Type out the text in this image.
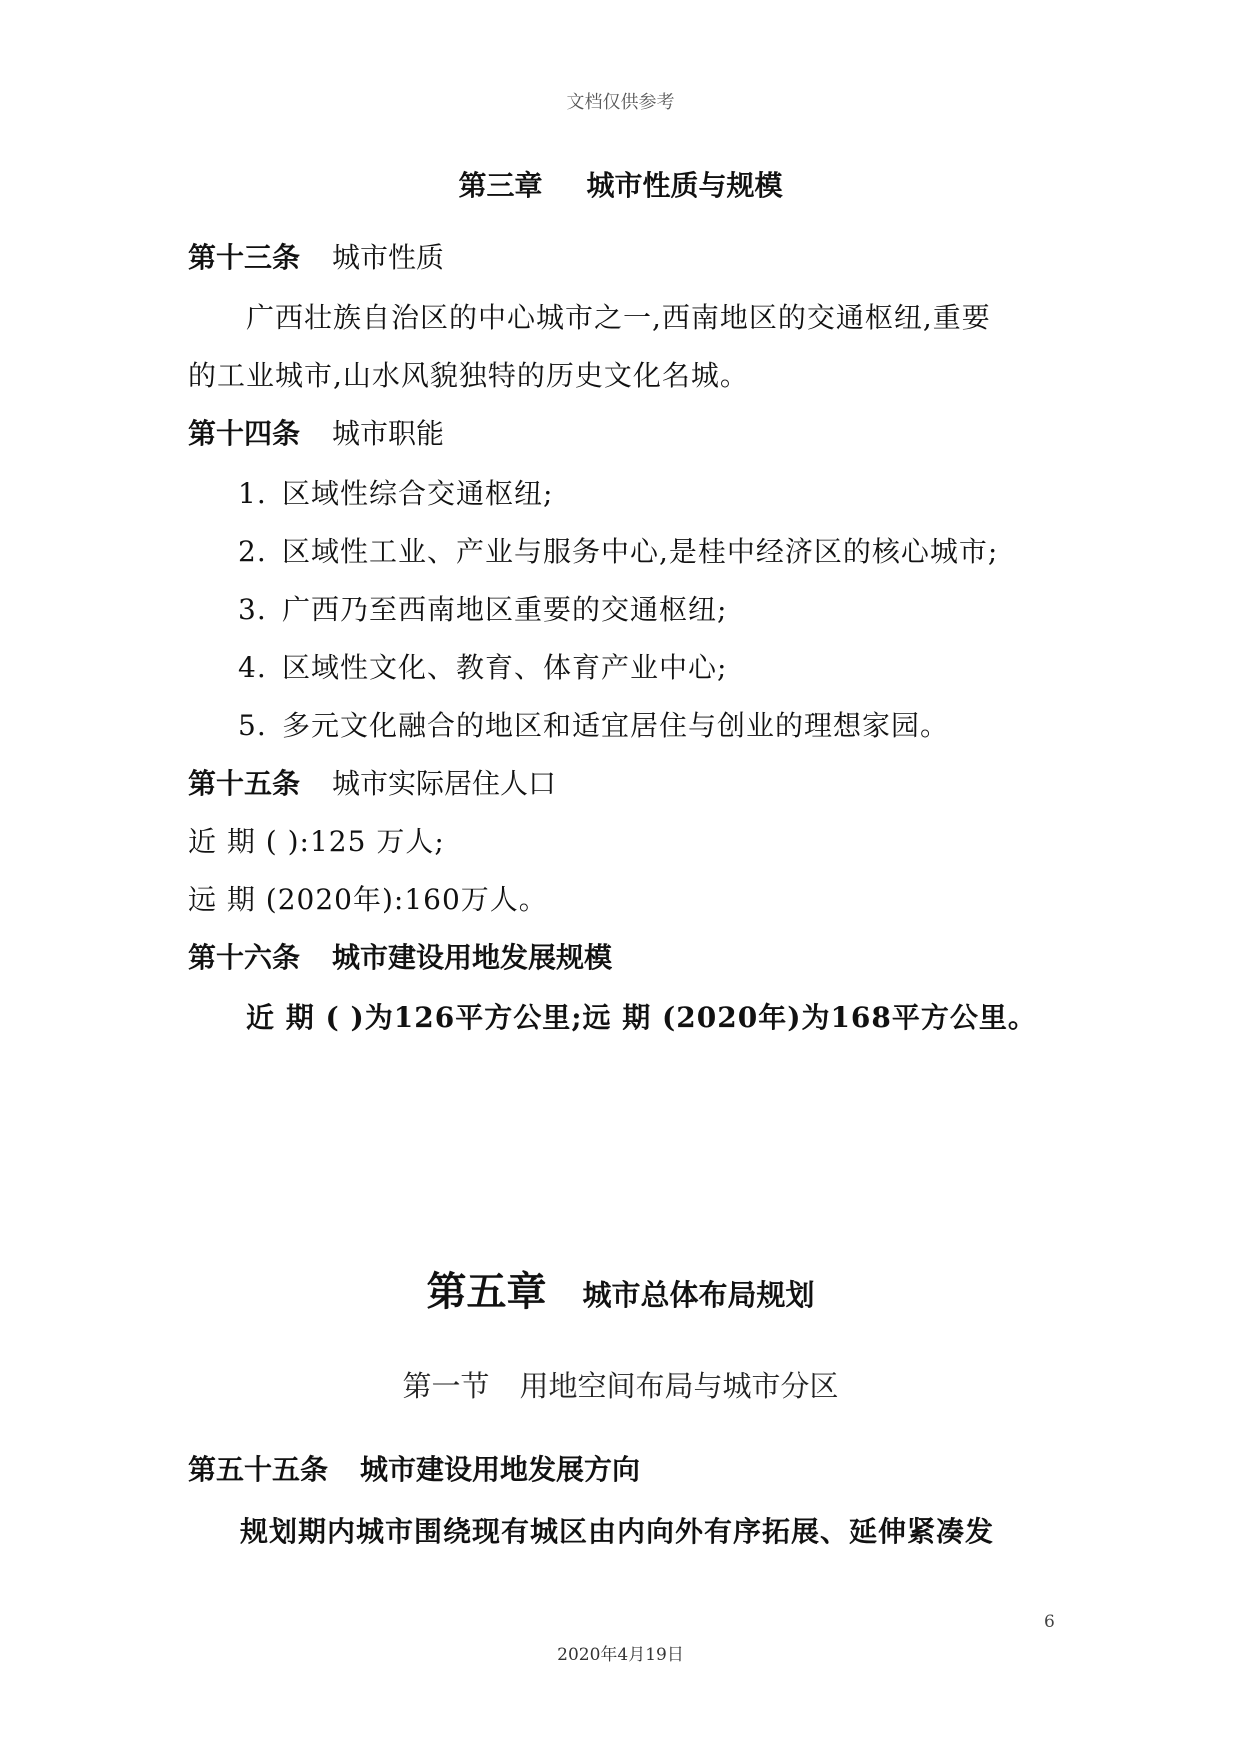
文档仅供参考
第三章 城市性质与规模
第十三条 城市性质
广西壮族自治区的中心城市之一,西南地区的交通枢纽,重要
的工业城市,山水风貌独特的历史文化名城。
第十四条 城市职能
1. 区域性综合交通枢纽;
2. 区域性工业、产业与服务中心,是桂中经济区的核心城市;
3. 广西乃至西南地区重要的交通枢纽;
4. 区域性文化、教育、体育产业中心;
5. 多元文化融合的地区和适宜居住与创业的理想家园。
第十五条 城市实际居住人口
近 期 ( ):125 万人;
远 期 (2020年):160万人。
第十六条 城市建设用地发展规模
近 期 ( )为126平方公里;远 期 (2020年)为168平方公里。
第五章 城市总体布局规划
第一节 用地空间布局与城市分区
第五十五条 城市建设用地发展方向
规划期内城市围绕现有城区由内向外有序拓展、延伸紧凑发
6
2020年4月19日
